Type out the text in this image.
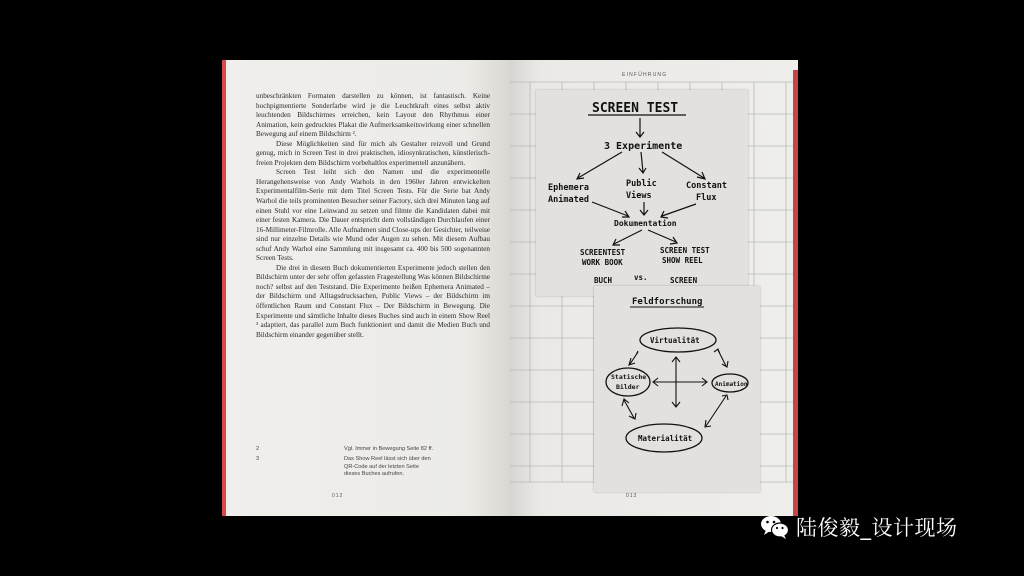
unbeschränkten Formaten darstellen zu können, ist fantastisch. Keine hochpigmentierte Sonderfarbe wird je die Leuchtkraft eines selbst aktiv leuchtenden Bildschirmes erreichen, kein Layout den Rhythmus einer Animation, kein gedrucktes Plakat die Aufmerksamkeitswirkung einer schnellen Bewegung auf einem Bildschirm ².

Diese Möglichkeiten sind für mich als Gestalter reizvoll und Grund genug, mich in Screen Test in drei praktischen, idiosynkratischen, künstlerisch-freien Projekten dem Bildschirm vorbehaltlos experimentell anzunähern.

Screen Test leiht sich den Namen und die experimentelle Herangehensweise von Andy Warhols in den 1960er Jahren entwickelten Experimentalfilm-Serie mit dem Titel Screen Tests. Für die Serie bat Andy Warhol die teils prominenten Besucher seiner Factory, sich drei Minuten lang auf einen Stuhl vor eine Leinwand zu setzen und filmte die Kandidaten dabei mit einer festen Kamera. Die Dauer entspricht dem vollständigen Durchlaufen einer 16-Millimeter-Filmrolle. Alle Aufnahmen sind Close-ups der Gesichter, teilweise sind nur einzelne Details wie Mund oder Augen zu sehen. Mit diesem Aufbau schuf Andy Warhol eine Sammlung mit insgesamt ca. 400 bis 500 sogenannten Screen Tests.

Die drei in diesem Buch dokumentierten Experimente jedoch stellen den Bildschirm unter der sehr offen gefassten Fragestellung Was können Bildschirme noch? selbst auf den Teststand. Die Experimente heißen Ephemera Animated – der Bildschirm und Alltagsdrucksachen, Public Views – der Bildschirm im öffentlichen Raum und Constant Flux – Der Bildschirm in Bewegung. Die Experimente und sämtliche Inhalte dieses Buches sind auch in einem Show Reel ³ adaptiert, das parallel zum Buch funktioniert und damit die Medien Buch und Bildschirm einander gegenüber stellt.

2	Vgl. Immer in Bewegung Seite 82 ff.
3	Das Show Reel lässt sich über den QR-Code auf der letzten Seite dieses Buches aufrufen.
012
EINFÜHRUNG
SCREEN TEST
3 Experimente
Ephemera
Animated
Public
Views
Constant
Flux
Dokumentation
SCREENTEST
WORK BOOK
SCREEN TEST
SHOW REEL
BUCH	vs.	SCREEN
Feldforschung
Virtualität
Statische
Bilder	Animation
Materialität
013
陆俊毅_设计现场
